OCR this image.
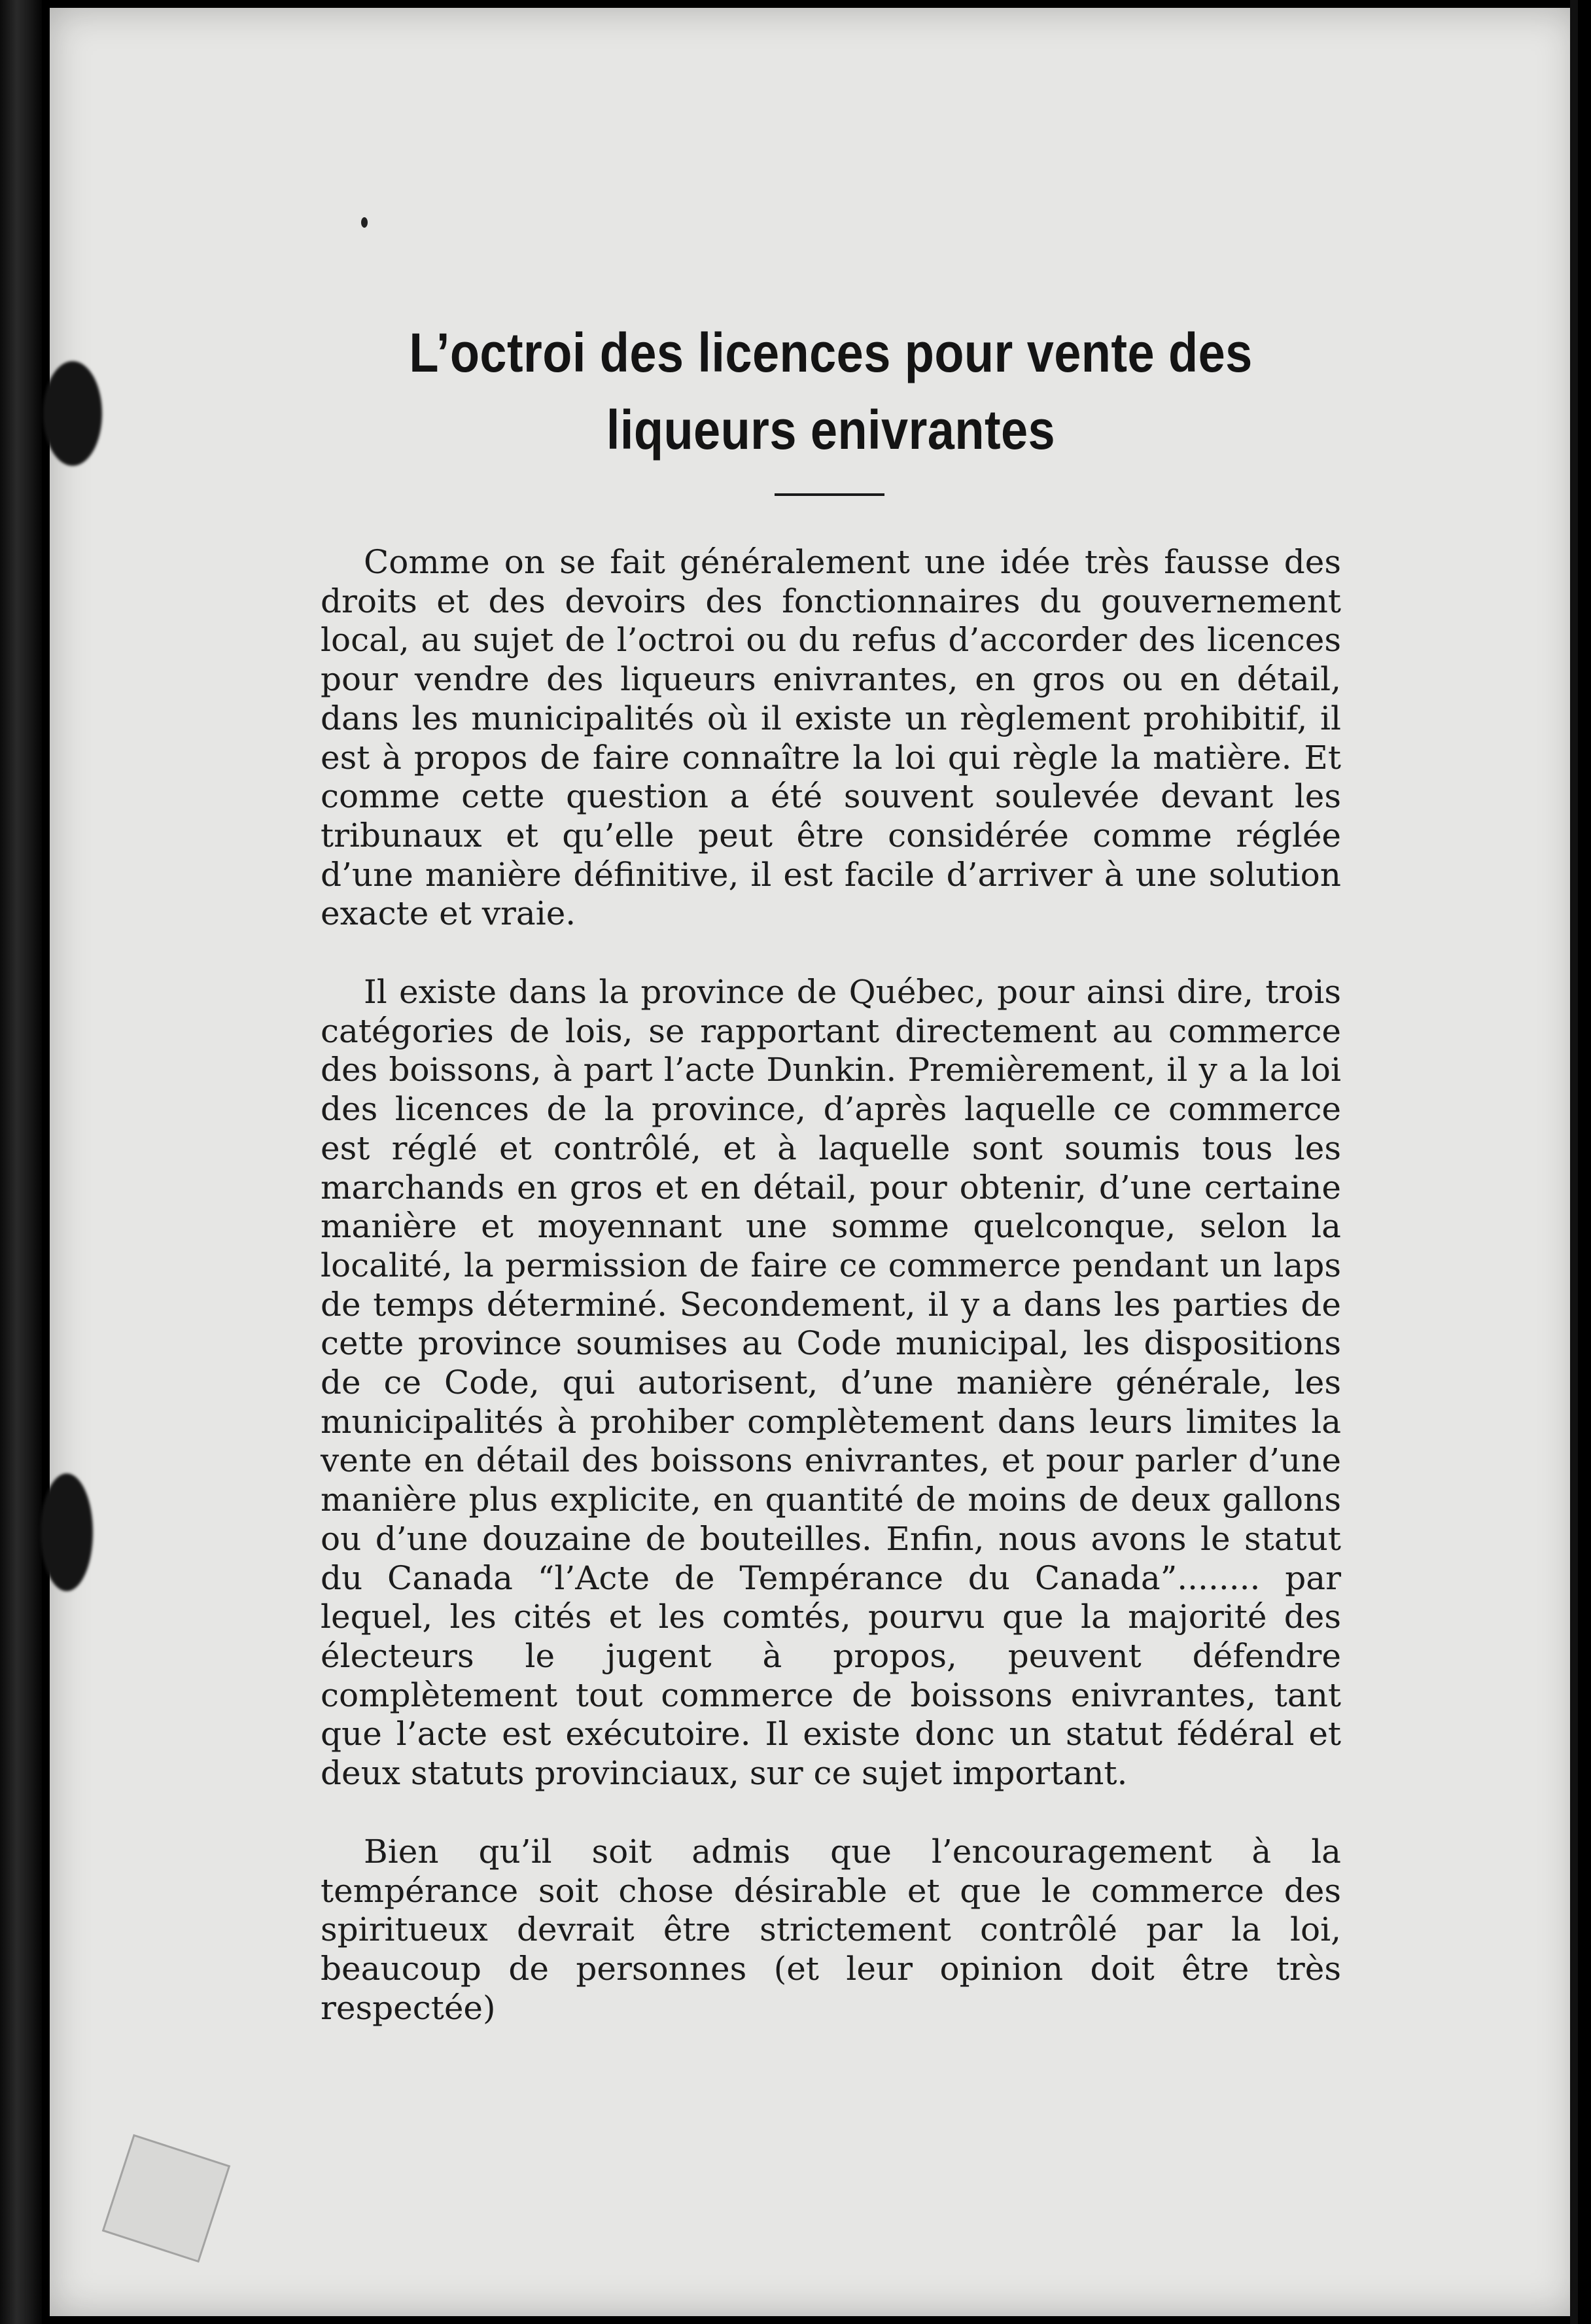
L’octroi des licences pour vente des
liqueurs enivrantes

Comme on se fait généralement une idée très fausse des droits et des devoirs des fonctionnaires du gouvernement local, au sujet de l’octroi ou du refus d’accorder des licences pour vendre des liqueurs enivrantes, en gros ou en détail, dans les municipalités où il existe un règlement prohibitif, il est à propos de faire connaître la loi qui règle la matière. Et comme cette question a été souvent soulevée devant les tribunaux et qu’elle peut être considérée comme réglée d’une manière définitive, il est facile d’arriver à une solution exacte et vraie.

Il existe dans la province de Québec, pour ainsi dire, trois catégories de lois, se rapportant directement au commerce des boissons, à part l’acte Dunkin. Premièrement, il y a la loi des licences de la province, d’après laquelle ce commerce est réglé et contrôlé, et à laquelle sont soumis tous les marchands en gros et en détail, pour obtenir, d’une certaine manière et moyennant une somme quelconque, selon la localité, la permission de faire ce commerce pendant un laps de temps déterminé. Secondement, il y a dans les parties de cette province soumises au Code municipal, les dispositions de ce Code, qui autorisent, d’une manière générale, les municipalités à prohiber complètement dans leurs limites la vente en détail des boissons enivrantes, et pour parler d’une manière plus explicite, en quantité de moins de deux gallons ou d’une douzaine de bouteilles. Enfin, nous avons le statut du Canada “l’Acte de Tempérance du Canada”........ par lequel, les cités et les comtés, pourvu que la majorité des électeurs le jugent à propos, peuvent défendre complètement tout commerce de boissons enivrantes, tant que l’acte est exécutoire. Il existe donc un statut fédéral et deux statuts provinciaux, sur ce sujet important.

Bien qu’il soit admis que l’encouragement à la tempérance soit chose désirable et que le commerce des spiritueux devrait être strictement contrôlé par la loi, beaucoup de personnes (et leur opinion doit être très respectée)
